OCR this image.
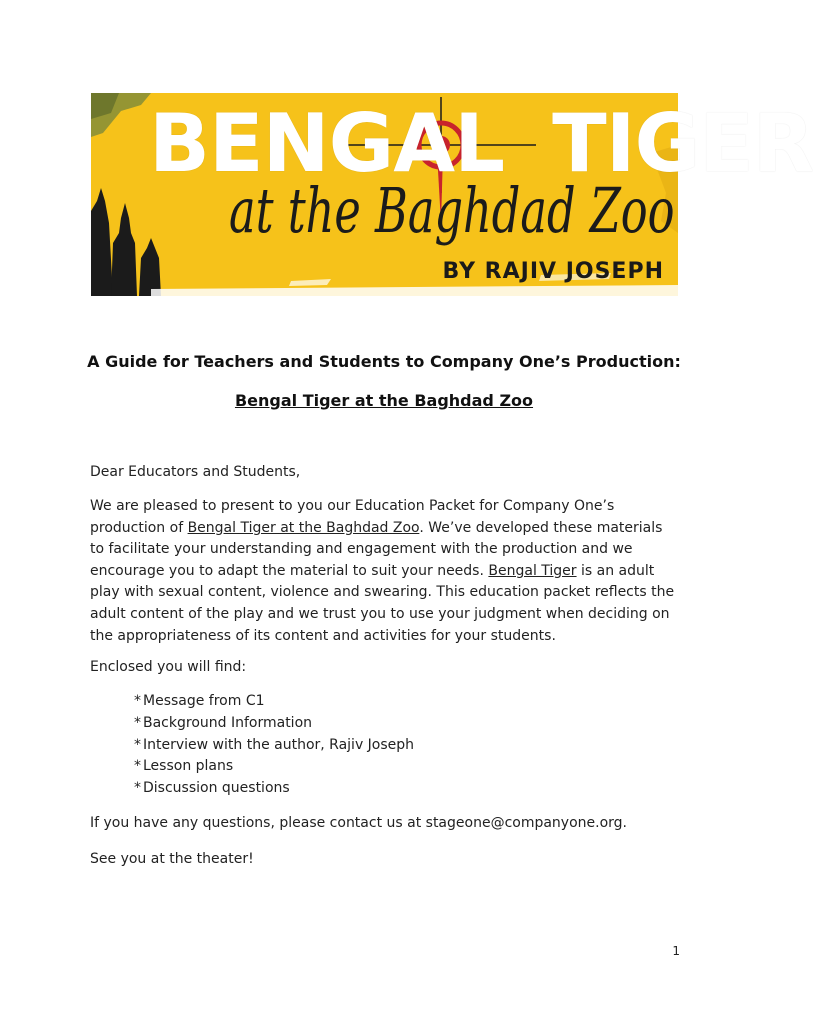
BENGAL TIGER
at the Baghdad Zoo
BY RAJIV JOSEPH
A Guide for Teachers and Students to Company One’s Production:
Bengal Tiger at the Baghdad Zoo
Dear Educators and Students,
We are pleased to present to you our Education Packet for Company One’s production of Bengal Tiger at the Baghdad Zoo. We’ve developed these materials to facilitate your understanding and engagement with the production and we encourage you to adapt the material to suit your needs. Bengal Tiger is an adult play with sexual content, violence and swearing. This education packet reflects the adult content of the play and we trust you to use your judgment when deciding on the appropriateness of its content and activities for your students.
Enclosed you will find:
* Message from C1
* Background Information
* Interview with the author, Rajiv Joseph
* Lesson plans
* Discussion questions
If you have any questions, please contact us at stageone@companyone.org.
See you at the theater!
1
